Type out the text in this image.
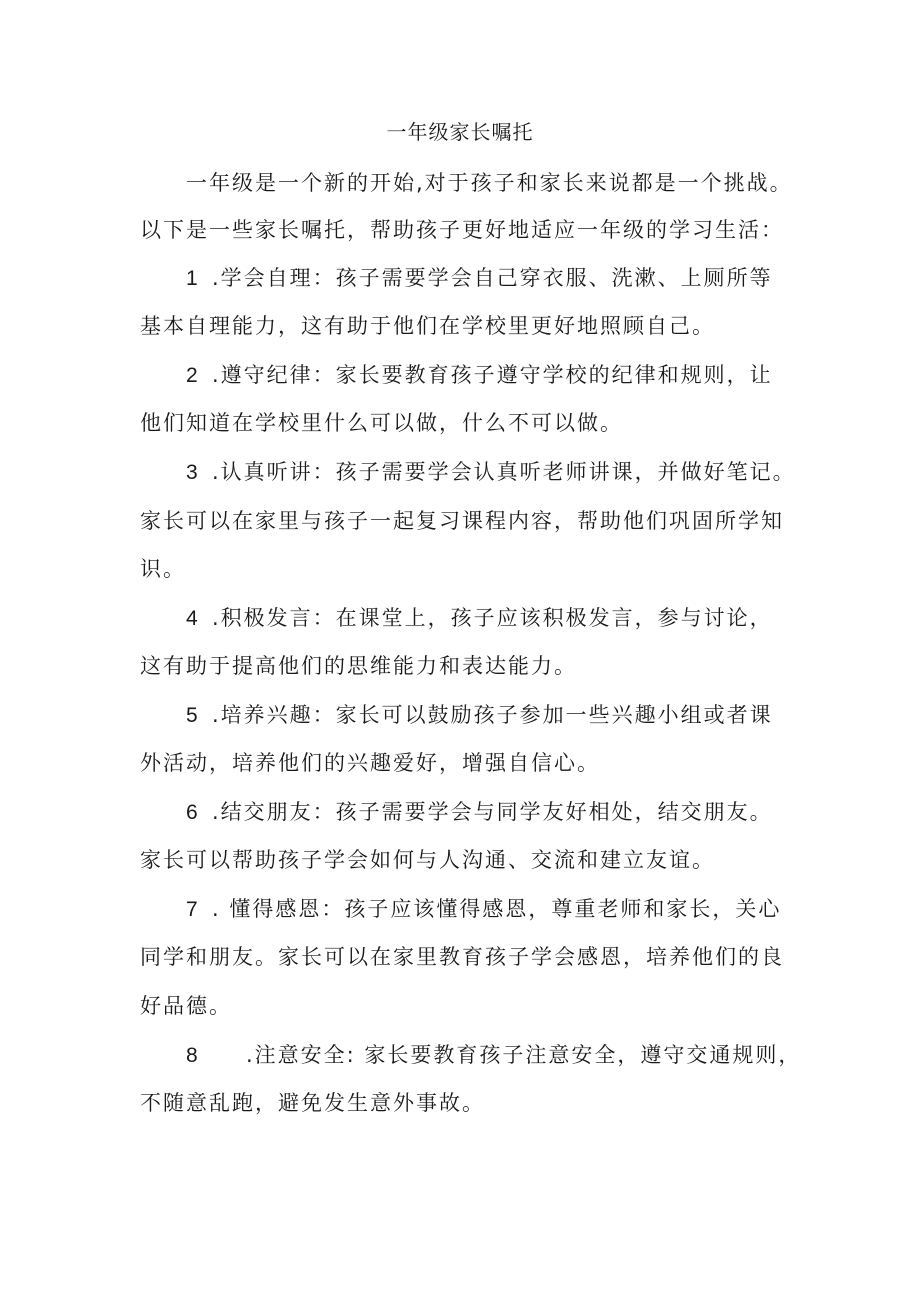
一年级家长嘱托
一年级是一个新的开始,对于孩子和家长来说都是一个挑战。
以下是一些家长嘱托，帮助孩子更好地适应一年级的学习生活：
1 .学会自理：孩子需要学会自己穿衣服、洗漱、上厕所等
基本自理能力，这有助于他们在学校里更好地照顾自己。
2 .遵守纪律：家长要教育孩子遵守学校的纪律和规则，让
他们知道在学校里什么可以做，什么不可以做。
3 .认真听讲：孩子需要学会认真听老师讲课，并做好笔记。
家长可以在家里与孩子一起复习课程内容，帮助他们巩固所学知
识。
4 .积极发言：在课堂上，孩子应该积极发言，参与讨论，
这有助于提高他们的思维能力和表达能力。
5 .培养兴趣：家长可以鼓励孩子参加一些兴趣小组或者课
外活动，培养他们的兴趣爱好，增强自信心。
6 .结交朋友：孩子需要学会与同学友好相处，结交朋友。
家长可以帮助孩子学会如何与人沟通、交流和建立友谊。
7 . 懂得感恩：孩子应该懂得感恩，尊重老师和家长，关心
同学和朋友。家长可以在家里教育孩子学会感恩，培养他们的良
好品德。
8 .注意安全: 家长要教育孩子注意安全，遵守交通规则，
不随意乱跑，避免发生意外事故。
